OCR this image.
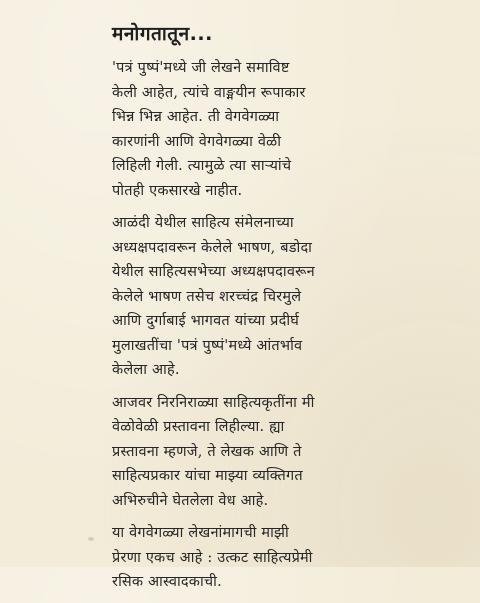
मनोगतातून...
'पत्रं पुष्पं'मध्ये जी लेखने समाविष्ट
केली आहेत, त्यांचे वाङ्मयीन रूपाकार
भिन्न भिन्न आहेत. ती वेगवेगळ्या
कारणांनी आणि वेगवेगळ्या वेळी
लिहिली गेली. त्यामुळे त्या साऱ्यांचे
पोतही एकसारखे नाहीत.
आळंदी येथील साहित्य संमेलनाच्या
अध्यक्षपदावरून केलेले भाषण, बडोदा
येथील साहित्यसभेच्या अध्यक्षपदावरून
केलेले भाषण तसेच शरच्चंद्र चिरमुले
आणि दुर्गाबाई भागवत यांच्या प्रदीर्घ
मुलाखतींचा 'पत्रं पुष्पं'मध्ये आंतर्भाव
केलेला आहे.
आजवर निरनिराळ्या साहित्यकृतींना मी
वेळोवेळी प्रस्तावना लिहील्या. ह्या
प्रस्तावना म्हणजे, ते लेखक आणि ते
साहित्यप्रकार यांचा माझ्या व्यक्तिगत
अभिरुचीने घेतलेला वेध आहे.
या वेगवेगळ्या लेखनांमागची माझी
प्रेरणा एकच आहे : उत्कट साहित्यप्रेमी
रसिक आस्वादकाची.
